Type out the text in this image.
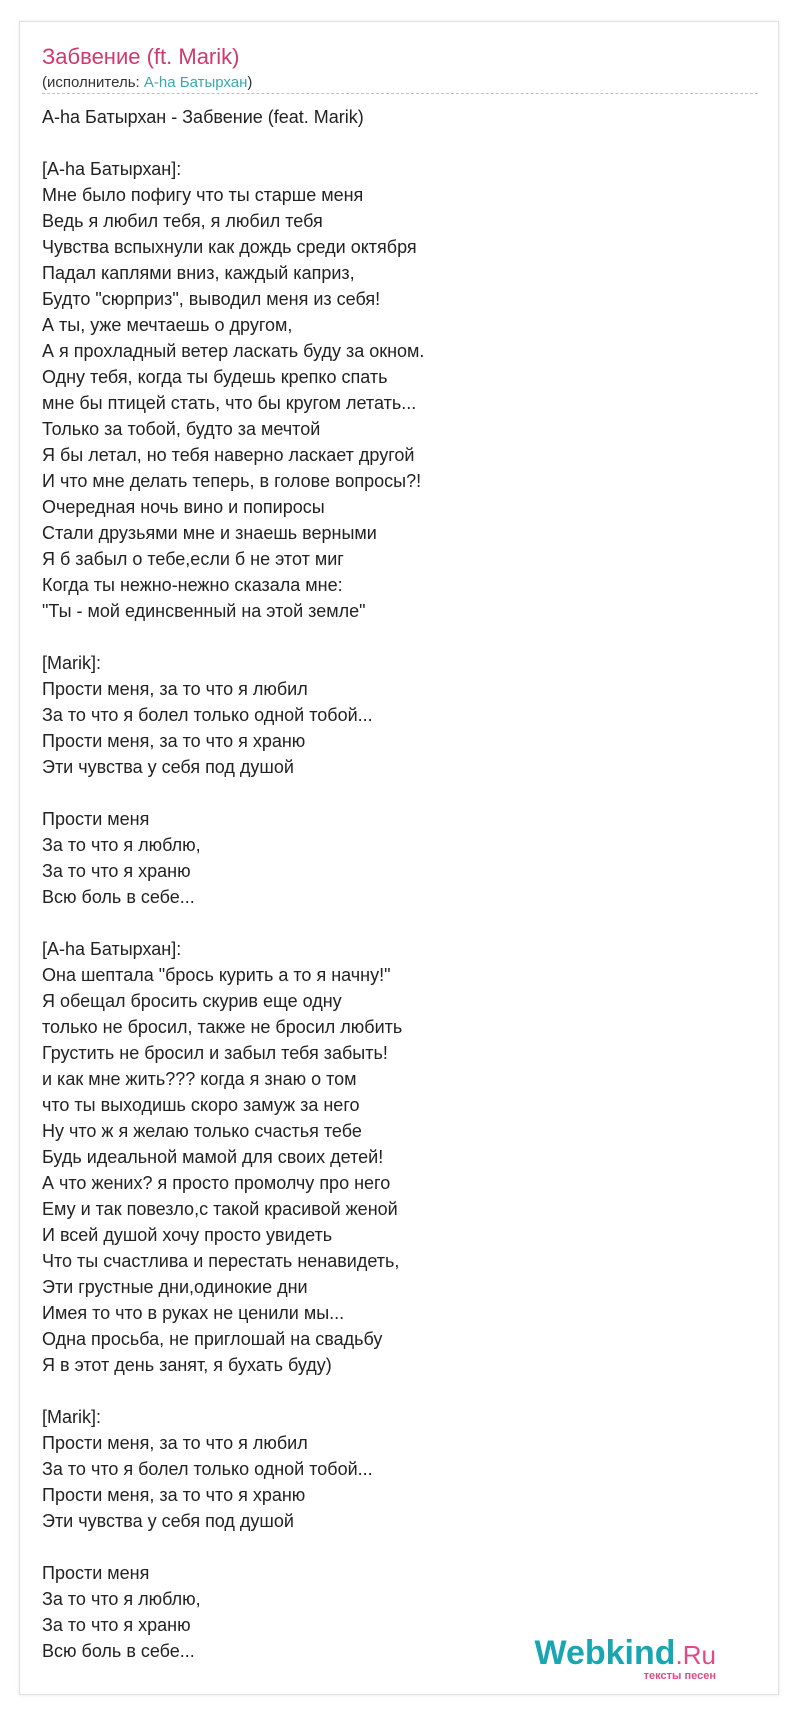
Забвение (ft. Marik)
(исполнитель: A-ha Батырхан)
A-ha Батырхан - Забвение (feat. Marik)
[A-ha Батырхан]:
Мне было пофигу что ты старше меня
Ведь я любил тебя, я любил тебя
Чувства вспыхнули как дождь среди октября
Падал каплями вниз, каждый каприз,
Будто "сюрприз", выводил меня из себя!
А ты, уже мечтаешь о другом,
А я прохладный ветер ласкать буду за окном.
Одну тебя, когда ты будешь крепко спать
мне бы птицей стать, что бы кругом летать...
Только за тобой, будто за мечтой
Я бы летал, но тебя наверно ласкает другой
И что мне делать теперь, в голове вопросы?!
Очередная ночь вино и попиросы
Стали друзьями мне и знаешь верными
Я б забыл о тебе,если б не этот миг
Когда ты нежно-нежно сказала мне:
"Ты - мой единсвенный на этой земле"
[Marik]:
Прости меня, за то что я любил
За то что я болел только одной тобой...
Прости меня, за то что я храню
Эти чувства у себя под душой
Прости меня
За то что я люблю,
За то что я храню
Всю боль в себе...
[A-ha Батырхан]:
Она шептала "брось курить а то я начну!"
Я обещал бросить скурив еще одну
только не бросил, также не бросил любить
Грустить не бросил и забыл тебя забыть!
и как мне жить??? когда я знаю о том
что ты выходишь скоро замуж за него
Ну что ж я желаю только счастья тебе
Будь идеальной мамой для своих детей!
А что жених? я просто промолчу про него
Ему и так повезло,с такой красивой женой
И всей душой хочу просто увидеть
Что ты счастлива и перестать ненавидеть,
Эти грустные дни,одинокие дни
Имея то что в руках не ценили мы...
Одна просьба, не приглошай на свадьбу
Я в этот день занят, я бухать буду)
[Marik]:
Прости меня, за то что я любил
За то что я болел только одной тобой...
Прости меня, за то что я храню
Эти чувства у себя под душой
Прости меня
За то что я люблю,
За то что я храню
Всю боль в себе...	Webkind.Ru
тексты песен
